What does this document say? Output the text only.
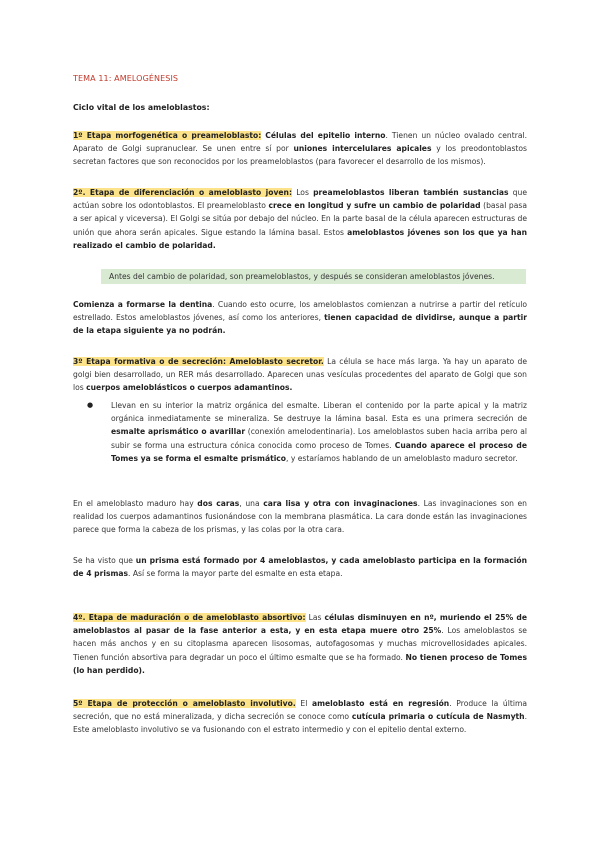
TEMA 11: AMELOGÉNESIS
Ciclo vital de los ameloblastos:
1º Etapa morfogenética o preameloblasto: Células del epitelio interno. Tienen un núcleo ovalado central. Aparato de Golgi supranuclear. Se unen entre sí por uniones intercelulares apicales y los preodontoblastos secretan factores que son reconocidos por los preameloblastos (para favorecer el desarrollo de los mismos).
2º. Etapa de diferenciación o ameloblasto joven: Los preameloblastos liberan también sustancias que actúan sobre los odontoblastos. El preameloblasto crece en longitud y sufre un cambio de polaridad (basal pasa a ser apical y viceversa). El Golgi se sitúa por debajo del núcleo. En la parte basal de la célula aparecen estructuras de unión que ahora serán apicales. Sigue estando la lámina basal. Estos ameloblastos jóvenes son los que ya han realizado el cambio de polaridad.
Antes del cambio de polaridad, son preameloblastos, y después se consideran ameloblastos jóvenes.
Comienza a formarse la dentina. Cuando esto ocurre, los ameloblastos comienzan a nutrirse a partir del retículo estrellado. Estos ameloblastos jóvenes, así como los anteriores, tienen capacidad de dividirse, aunque a partir de la etapa siguiente ya no podrán.
3º Etapa formativa o de secreción: Ameloblasto secretor. La célula se hace más larga. Ya hay un aparato de golgi bien desarrollado, un RER más desarrollado. Aparecen unas vesículas procedentes del aparato de Golgi que son los cuerpos ameloblásticos o cuerpos adamantinos.
● Llevan en su interior la matriz orgánica del esmalte. Liberan el contenido por la parte apical y la matriz orgánica inmediatamente se mineraliza. Se destruye la lámina basal. Esta es una primera secreción de esmalte aprismático o avarillar (conexión amelodentinaria). Los ameloblastos suben hacia arriba pero al subir se forma una estructura cónica conocida como proceso de Tomes. Cuando aparece el proceso de Tomes ya se forma el esmalte prismático, y estaríamos hablando de un ameloblasto maduro secretor.
En el ameloblasto maduro hay dos caras, una cara lisa y otra con invaginaciones. Las invaginaciones son en realidad los cuerpos adamantinos fusionándose con la membrana plasmática. La cara donde están las invaginaciones parece que forma la cabeza de los prismas, y las colas por la otra cara.
Se ha visto que un prisma está formado por 4 ameloblastos, y cada ameloblasto participa en la formación de 4 prismas. Así se forma la mayor parte del esmalte en esta etapa.
4º. Etapa de maduración o de ameloblasto absortivo: Las células disminuyen en nº, muriendo el 25% de ameloblastos al pasar de la fase anterior a esta, y en esta etapa muere otro 25%. Los ameloblastos se hacen más anchos y en su citoplasma aparecen lisosomas, autofagosomas y muchas microvellosidades apicales. Tienen función absortiva para degradar un poco el último esmalte que se ha formado. No tienen proceso de Tomes (lo han perdido).
5º Etapa de protección o ameloblasto involutivo. El ameloblasto está en regresión. Produce la última secreción, que no está mineralizada, y dicha secreción se conoce como cutícula primaria o cutícula de Nasmyth. Este ameloblasto involutivo se va fusionando con el estrato intermedio y con el epitelio dental externo.
